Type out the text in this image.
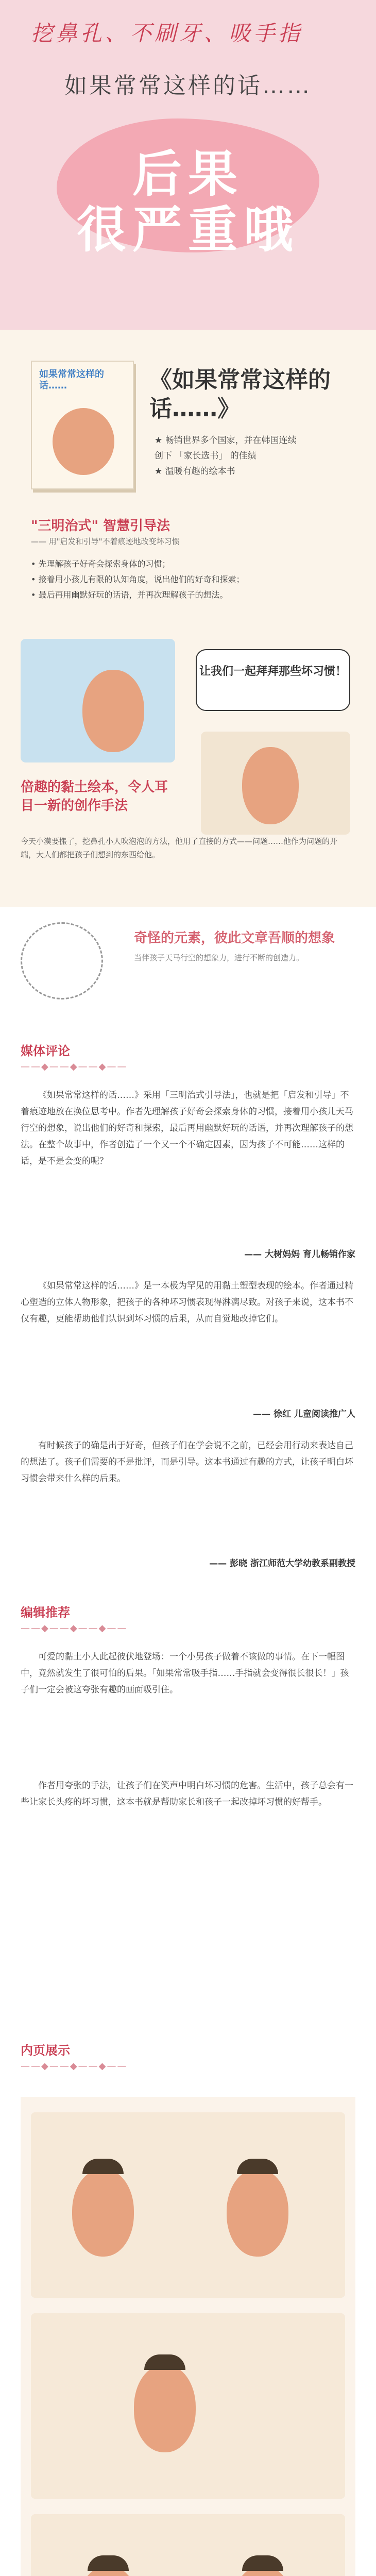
挖鼻孔、不刷牙、吸手指
如果常常这样的话……
后果
很严重哦
如果常常这样的话……	《如果常常这样的话……》
★ 畅销世界多个国家，并在韩国连续
创下 「家长选书」 的佳绩
★ 温暖有趣的绘本书
"三明治式" 智慧引导法
—— 用"启发和引导"不着痕迹地改变坏习惯
• 先理解孩子好奇会探索身体的习惯；
• 接着用小孩儿有限的认知角度，说出他们的好奇和探索；
• 最后再用幽默好玩的话语，并再次理解孩子的想法。
让我们一起拜拜那些坏习惯！
倍趣的黏土绘本，令人耳目一新的创作手法
今天小漠要搬了，挖鼻孔小人吹泡泡的方法，他用了直接的方式——问题……他作为问题的开端，大人们都把孩子们想到的东西给他。
奇怪的元素，彼此文章吾顺的想象
当伴孩子天马行空的想象力，进行不断的创造力。
媒体评论
——◆——◆——◆——
《如果常常这样的话……》采用「三明治式引导法」，也就是把「启发和引导」不着痕迹地放在换位思考中。作者先理解孩子好奇会探索身体的习惯，接着用小孩儿天马行空的想象，说出他们的好奇和探索，最后再用幽默好玩的话语，并再次理解孩子的想法。在整个故事中，作者创造了一个又一个不确定因素，因为孩子不可能……这样的话，是不是会变的呢？
—— 大树妈妈 育儿畅销作家
《如果常常这样的话……》是一本极为罕见的用黏土塑型表现的绘本。作者通过精心塑造的立体人物形象，把孩子的各种坏习惯表现得淋漓尽致。对孩子来说，这本书不仅有趣，更能帮助他们认识到坏习惯的后果，从而自觉地改掉它们。
—— 徐红 儿童阅读推广人
有时候孩子的确是出于好奇，但孩子们在学会说不之前，已经会用行动来表达自己的想法了。孩子们需要的不是批评，而是引导。这本书通过有趣的方式，让孩子明白坏习惯会带来什么样的后果。
—— 彭晓 浙江师范大学幼教系副教授
编辑推荐
——◆——◆——◆——
可爱的黏土小人此起彼伏地登场：一个小男孩子做着不该做的事情。在下一幅图中，竟然就发生了很可怕的后果。「如果常常吸手指……手指就会变得很长很长！」孩子们一定会被这夸张有趣的画面吸引住。
作者用夸张的手法，让孩子们在笑声中明白坏习惯的危害。生活中，孩子总会有一些让家长头疼的坏习惯，这本书就是帮助家长和孩子一起改掉坏习惯的好帮手。
内页展示
——◆——◆——◆——
